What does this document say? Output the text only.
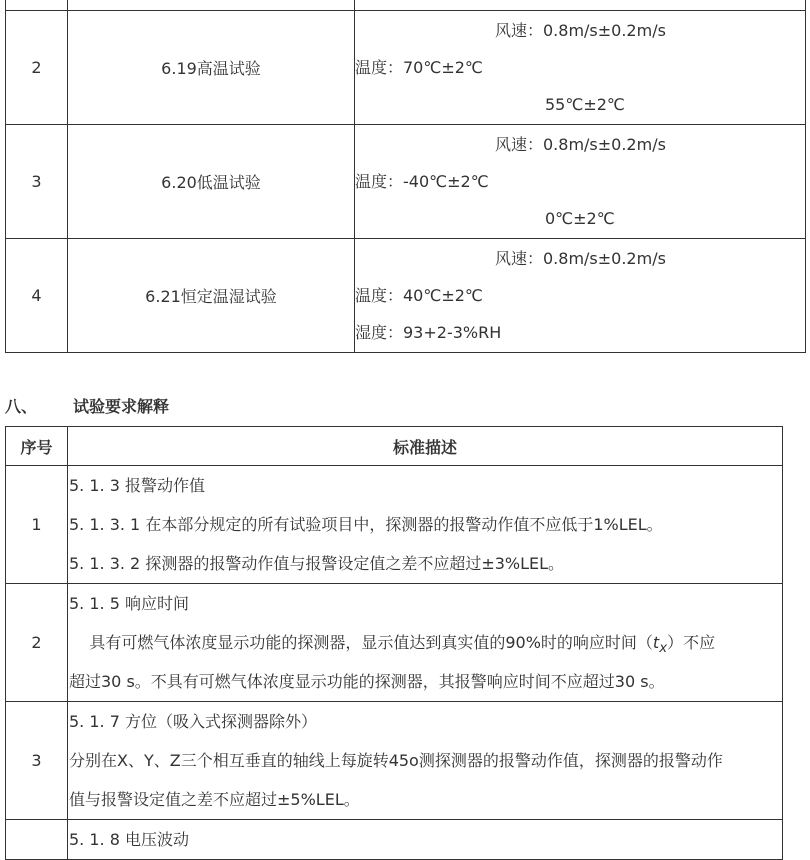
2	6.19高温试验	风速：0.8m/s±0.2m/s
温度：70℃±2℃
55℃±2℃

3	6.20低温试验	风速：0.8m/s±0.2m/s
温度：-40℃±2℃
0℃±2℃

4	6.21恒定温湿试验	风速：0.8m/s±0.2m/s
温度：40℃±2℃
湿度：93+2-3%RH
八、 试验要求解释
序号	标准描述
1	5. 1. 3 报警动作值
5. 1. 3. 1 在本部分规定的所有试验项目中，探测器的报警动作值不应低于1%LEL。
5. 1. 3. 2 探测器的报警动作值与报警设定值之差不应超过±3%LEL。

2	5. 1. 5 响应时间
具有可燃气体浓度显示功能的探测器，显示值达到真实值的90%时的响应时间$(t_x)$不应
超过30 s。不具有可燃气体浓度显示功能的探测器，其报警响应时间不应超过30 s。

3	5. 1. 7 方位（吸入式探测器除外）
分别在X、Y、Z三个相互垂直的轴线上每旋转45o测探测器的报警动作值，探测器的报警动作
值与报警设定值之差不应超过±5%LEL。

	5. 1. 8 电压波动
